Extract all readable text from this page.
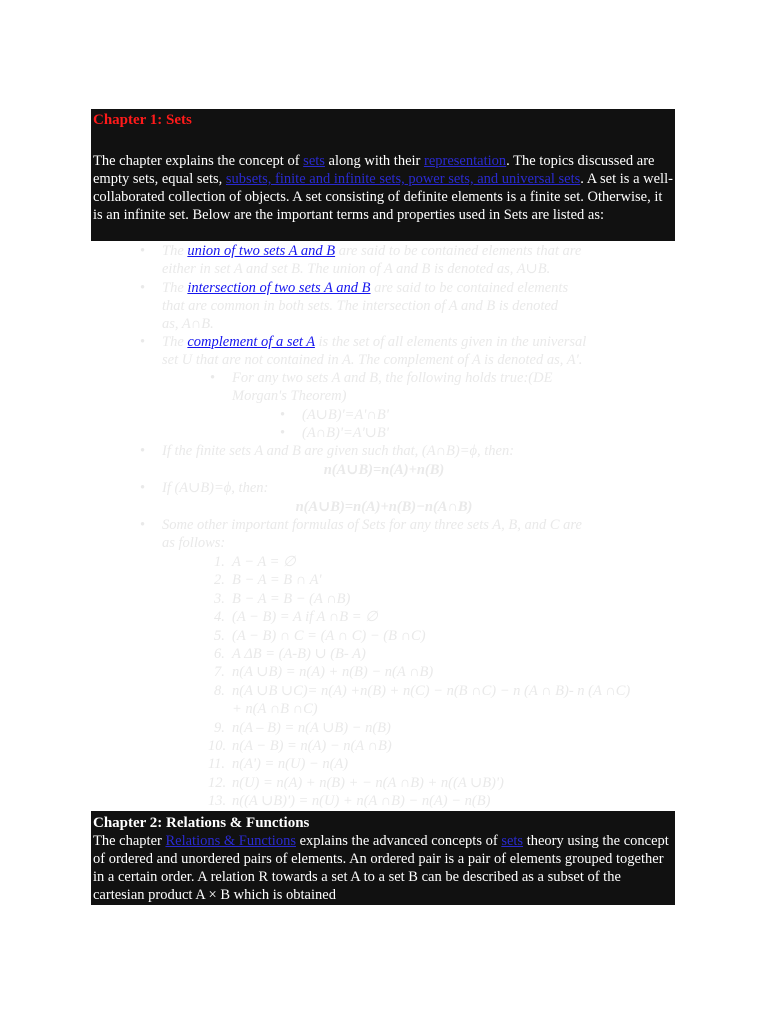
Chapter 1: Sets
The chapter explains the concept of sets along with their representation. The topics discussed are empty sets, equal sets, subsets, finite and infinite sets, power sets, and universal sets. A set is a well-collaborated collection of objects. A set consisting of definite elements is a finite set. Otherwise, it is an infinite set. Below are the important terms and properties used in Sets are listed as:
• The union of two sets A and B are said to be contained elements that are
either in set A and set B. The union of A and B is denoted as, A∪B.
• The intersection of two sets A and B are said to be contained elements
that are common in both sets. The intersection of A and B is denoted
as, A∩B.
• The complement of a set A is the set of all elements given in the universal
set U that are not contained in A. The complement of A is denoted as, A'.
• For any two sets A and B, the following holds true:(DE
Morgan's Theorem)
• (A∪B)'=A'∩B'
• (A∩B)'=A'∪B'
• If the finite sets A and B are given such that, (A∩B)=ϕ, then:
n(A∪B)=n(A)+n(B)
• If (A∪B)=ϕ, then:
n(A∪B)=n(A)+n(B)−n(A∩B)
• Some other important formulas of Sets for any three sets A, B, and C are
as follows:
1. A − A = ∅
2. B − A = B ∩ A'
3. B − A = B − (A ∩B)
4. (A − B) = A if A ∩B = ∅
5. (A − B) ∩ C = (A ∩ C) − (B ∩C)
6. A ΔB = (A-B) ∪ (B- A)
7. n(A ∪B) = n(A) + n(B) − n(A ∩B)
8. n(A ∪B ∪C)= n(A) +n(B) + n(C) − n(B ∩C) − n (A ∩ B)- n (A ∩C)
+ n(A ∩B ∩C)
9. n(A – B) = n(A ∪B) − n(B)
10. n(A − B) = n(A) − n(A ∩B)
11. n(A') = n(U) − n(A)
12. n(U) = n(A) + n(B) + − n(A ∩B) + n((A ∪B)')
13. n((A ∪B)') = n(U) + n(A ∩B) − n(A) − n(B)
Chapter 2: Relations & Functions
The chapter Relations & Functions explains the advanced concepts of sets theory using the concept of ordered and unordered pairs of elements. An ordered pair is a pair of elements grouped together in a certain order. A relation R towards a set A to a set B can be described as a subset of the cartesian product A × B which is obtained
